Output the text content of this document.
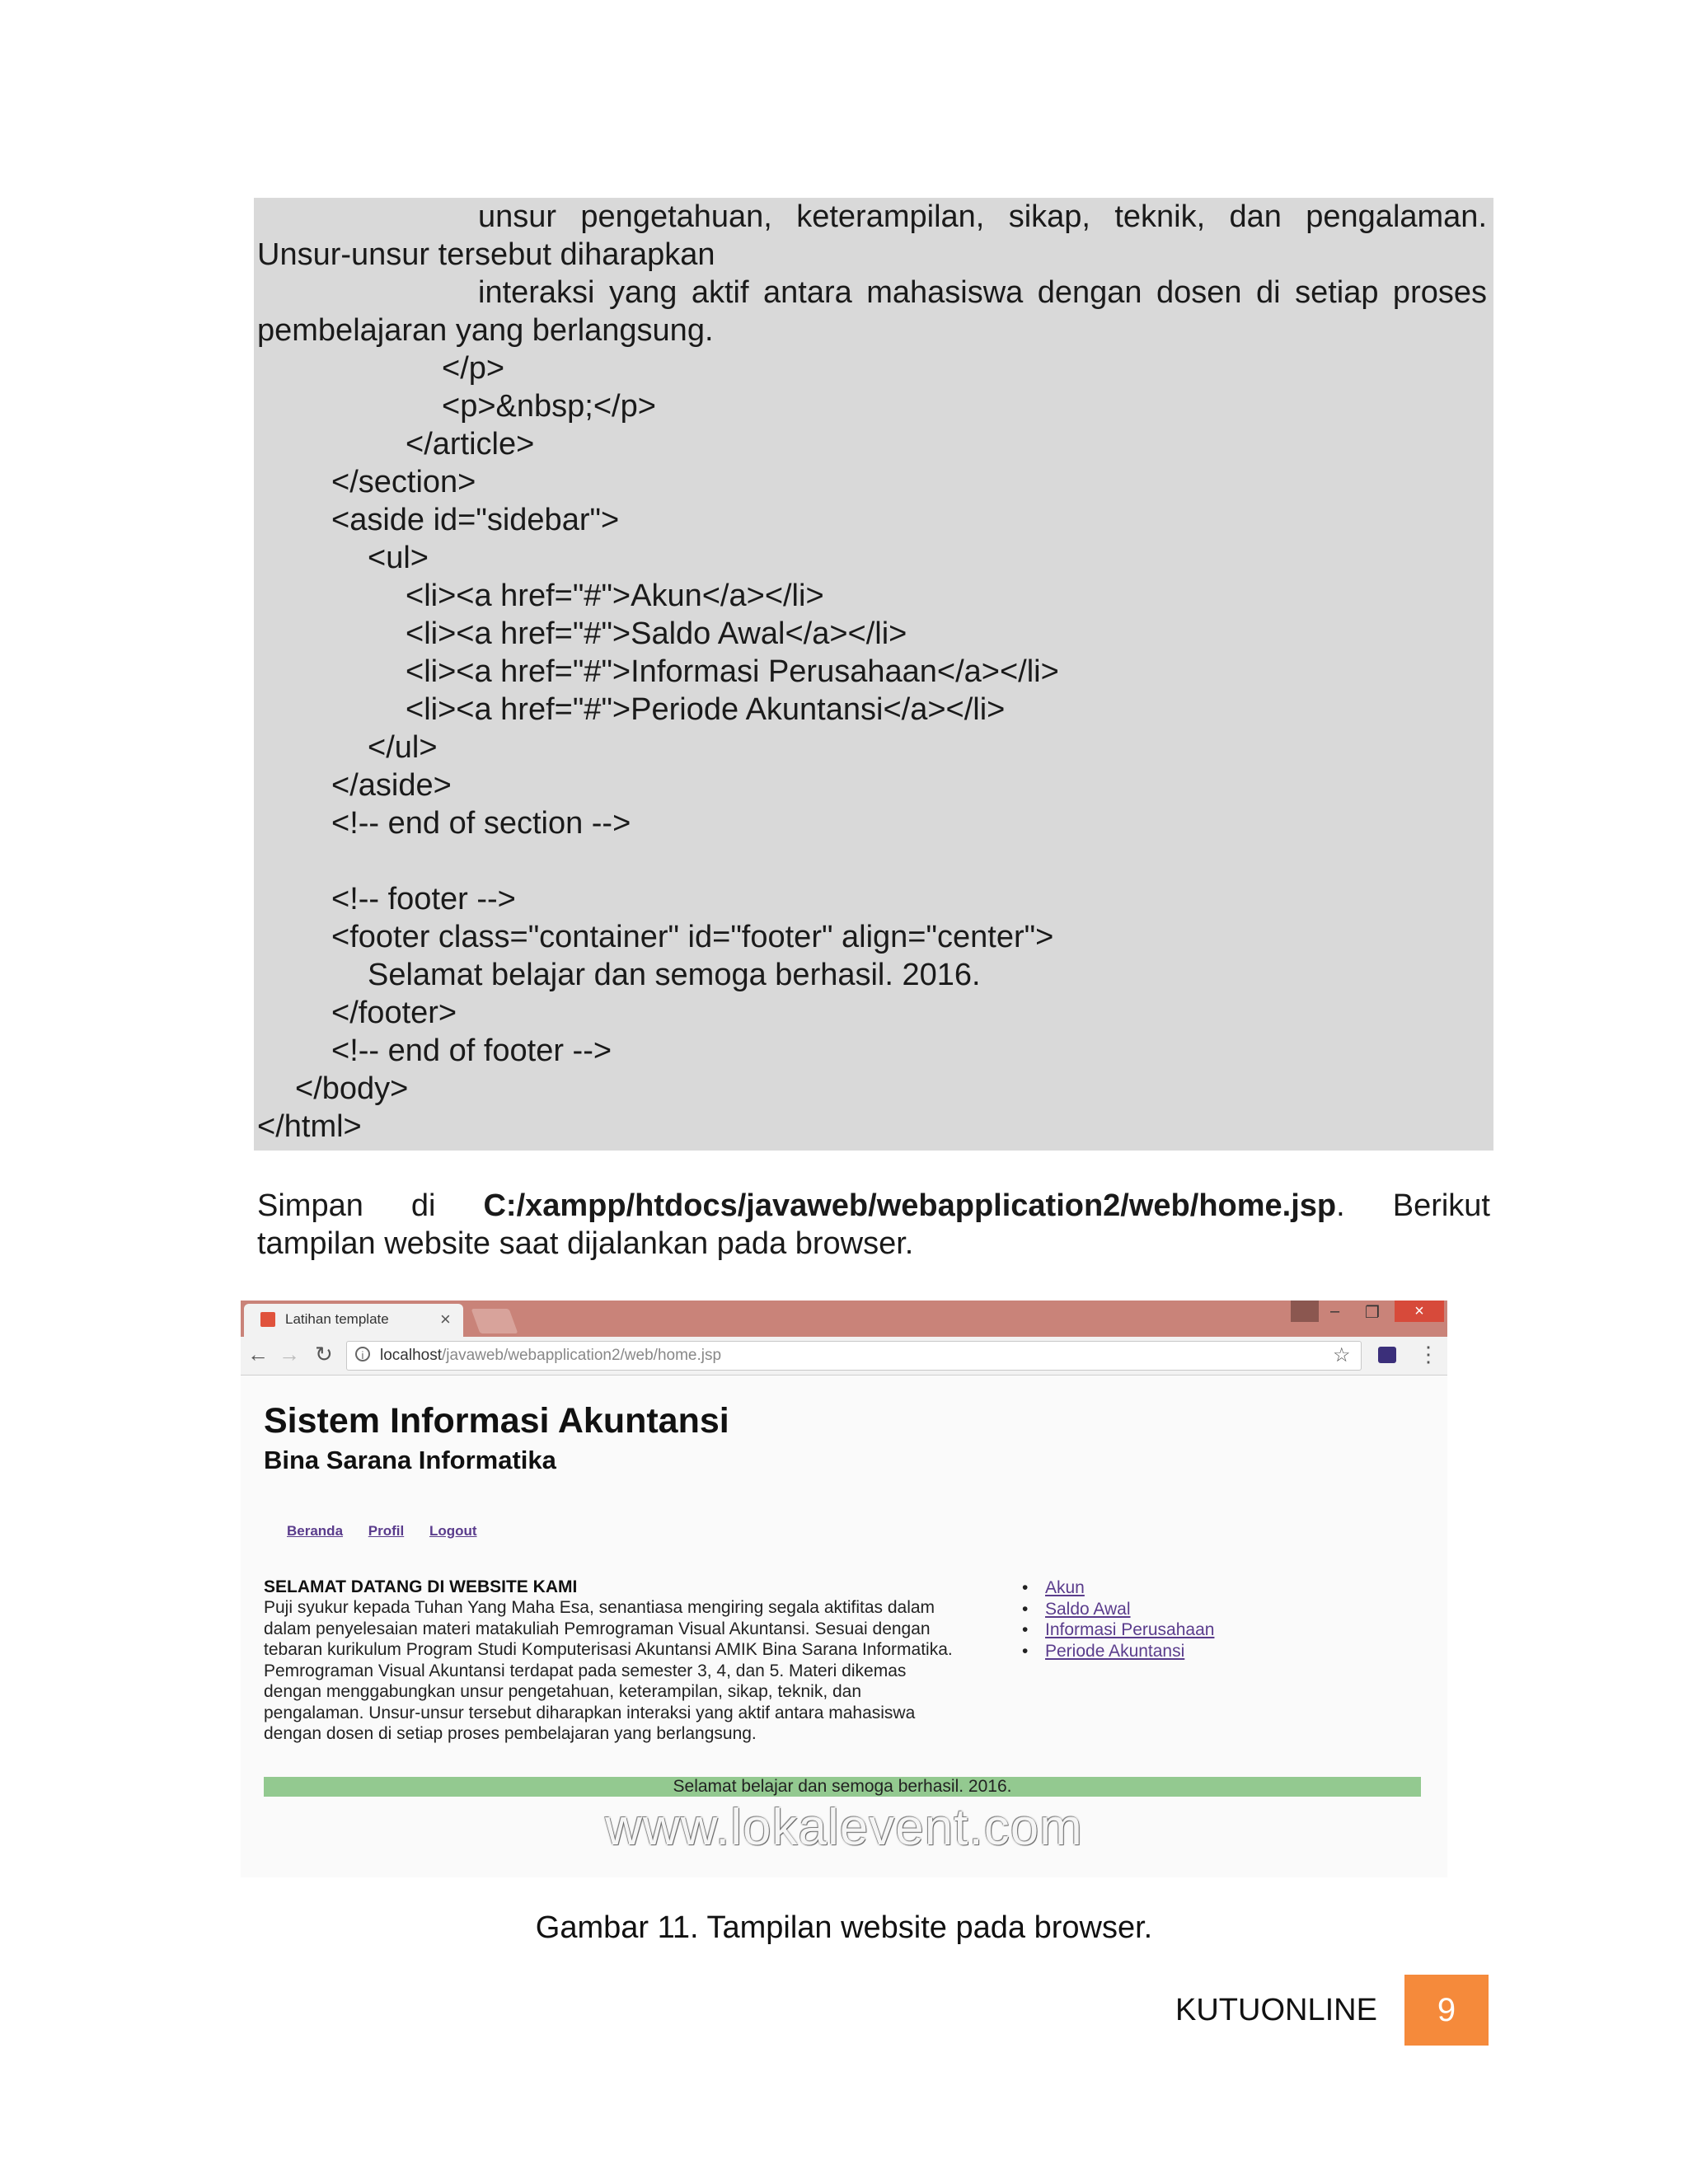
unsur pengetahuan, keterampilan, sikap, teknik, dan pengalaman.
Unsur-unsur tersebut diharapkan
interaksi yang aktif antara mahasiswa dengan dosen di setiap proses
pembelajaran yang berlangsung.
</p>
<p>&nbsp;</p>
</article>
</section>
<aside id="sidebar">
<ul>
<li><a href="#">Akun</a></li>
<li><a href="#">Saldo Awal</a></li>
<li><a href="#">Informasi Perusahaan</a></li>
<li><a href="#">Periode Akuntansi</a></li>
</ul>
</aside>
<!-- end of section -->
<!-- footer -->
<footer class="container" id="footer" align="center">
Selamat belajar dan semoga berhasil. 2016.
</footer>
<!-- end of footer -->
</body>
</html>
Simpan di C:/xampp/htdocs/javaweb/webapplication2/web/home.jsp. Berikut
tampilan website saat dijalankan pada browser.
Latihan template	×	– ❐	×
← → ↻	i	localhost/javaweb/webapplication2/web/home.jsp	☆	⋮
Sistem Informasi Akuntansi
Bina Sarana Informatika
Beranda Profil Logout
SELAMAT DATANG DI WEBSITE KAMI
Puji syukur kepada Tuhan Yang Maha Esa, senantiasa mengiring segala aktifitas dalam
dalam penyelesaian materi matakuliah Pemrograman Visual Akuntansi. Sesuai dengan
tebaran kurikulum Program Studi Komputerisasi Akuntansi AMIK Bina Sarana Informatika.
Pemrograman Visual Akuntansi terdapat pada semester 3, 4, dan 5. Materi dikemas
dengan menggabungkan unsur pengetahuan, keterampilan, sikap, teknik, dan
pengalaman. Unsur-unsur tersebut diharapkan interaksi yang aktif antara mahasiswa
dengan dosen di setiap proses pembelajaran yang berlangsung.
• Akun
• Saldo Awal
• Informasi Perusahaan
• Periode Akuntansi
Selamat belajar dan semoga berhasil. 2016.
www.lokalevent.com
Gambar 11. Tampilan website pada browser.
KUTUONLINE	9
